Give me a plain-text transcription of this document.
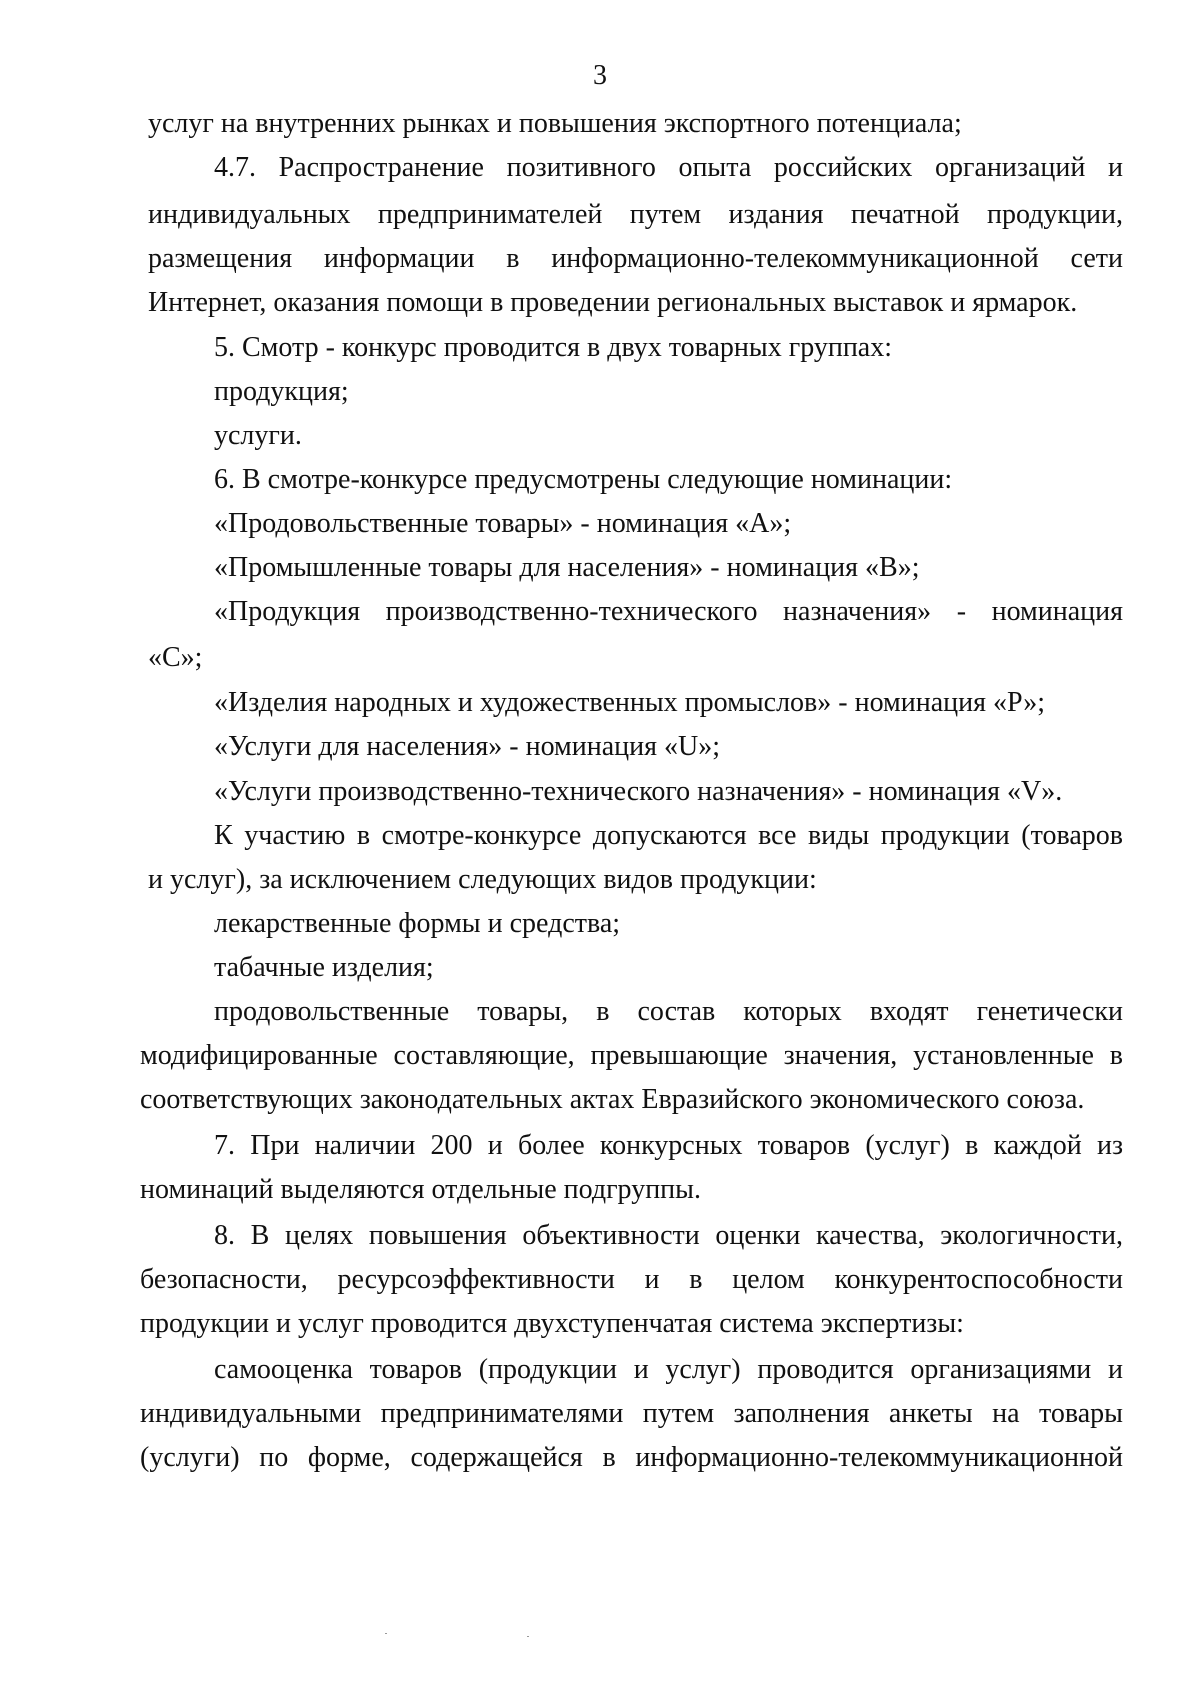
3
услуг на внутренних рынках и повышения экспортного потенциала;
4.7. Распространение позитивного опыта российских организаций и
индивидуальных предпринимателей путем издания печатной продукции,
размещения информации в информационно-телекоммуникационной сети
Интернет, оказания помощи в проведении региональных выставок и ярмарок.
5. Смотр - конкурс проводится в двух товарных группах:
продукция;
услуги.
6. В смотре-конкурсе предусмотрены следующие номинации:
«Продовольственные товары» - номинация «А»;
«Промышленные товары для населения» - номинация «В»;
«Продукция производственно-технического назначения» - номинация
«С»;
«Изделия народных и художественных промыслов» - номинация «Р»;
«Услуги для населения» - номинация «U»;
«Услуги производственно-технического назначения» - номинация «V».
К участию в смотре-конкурсе допускаются все виды продукции (товаров
и услуг), за исключением следующих видов продукции:
лекарственные формы и средства;
табачные изделия;
продовольственные товары, в состав которых входят генетически
модифицированные составляющие, превышающие значения, установленные в
соответствующих законодательных актах Евразийского экономического союза.
7. При наличии 200 и более конкурсных товаров (услуг) в каждой из
номинаций выделяются отдельные подгруппы.
8. В целях повышения объективности оценки качества, экологичности,
безопасности, ресурсоэффективности и в целом конкурентоспособности
продукции и услуг проводится двухступенчатая система экспертизы:
самооценка товаров (продукции и услуг) проводится организациями и
индивидуальными предпринимателями путем заполнения анкеты на товары
(услуги) по форме, содержащейся в информационно-телекоммуникационной
